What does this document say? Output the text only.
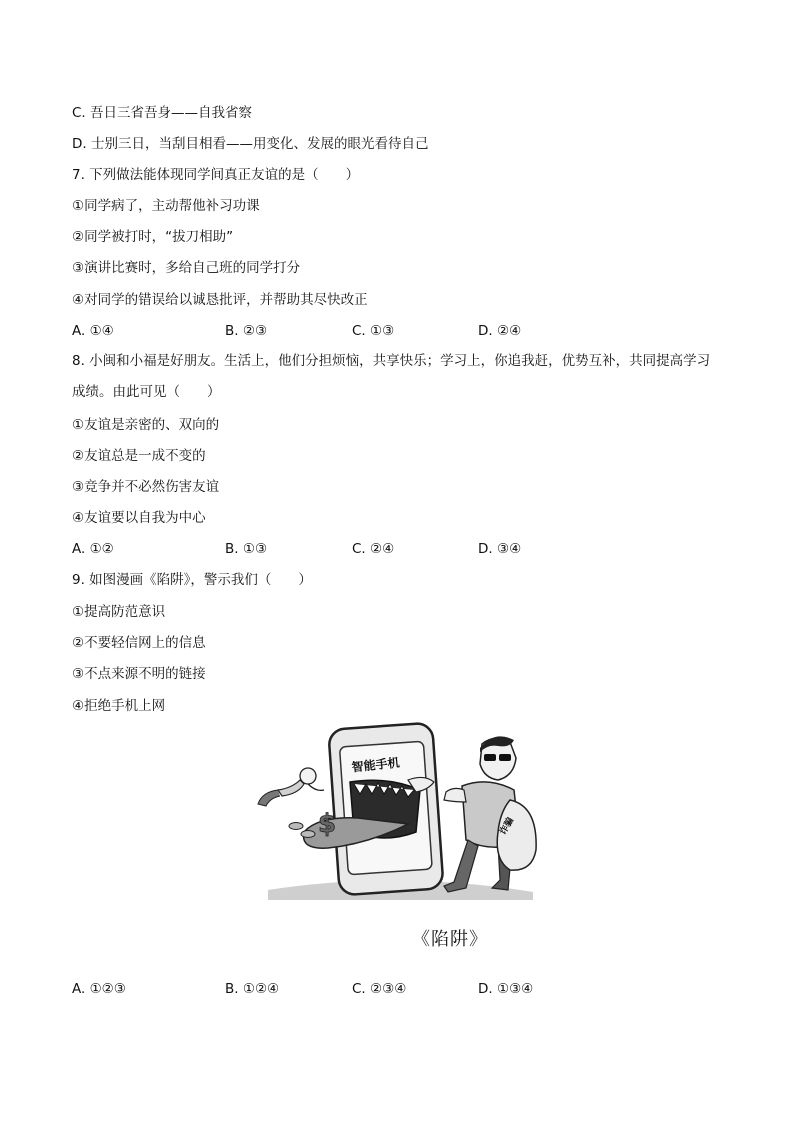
C. 吾日三省吾身——自我省察
D. 士别三日，当刮目相看——用变化、发展的眼光看待自己
7. 下列做法能体现同学间真正友谊的是（　　）
①同学病了，主动帮他补习功课
②同学被打时，“拔刀相助”
③演讲比赛时，多给自己班的同学打分
④对同学的错误给以诚恳批评，并帮助其尽快改正
A. ①④	B. ②③	C. ①③	D. ②④
8. 小闽和小福是好朋友。生活上，他们分担烦恼，共享快乐；学习上，你追我赶，优势互补，共同提高学习成绩。由此可见（　　）
①友谊是亲密的、双向的
②友谊总是一成不变的
③竞争并不必然伤害友谊
④友谊要以自我为中心
A. ①②	B. ①③	C. ②④	D. ③④
9. 如图漫画《陷阱》，警示我们（　　）
①提高防范意识
②不要轻信网上的信息
③不点来源不明的链接
④拒绝手机上网
智能手机
$	诈骗
《陷阱》
A. ①②③	B. ①②④	C. ②③④	D. ①③④
